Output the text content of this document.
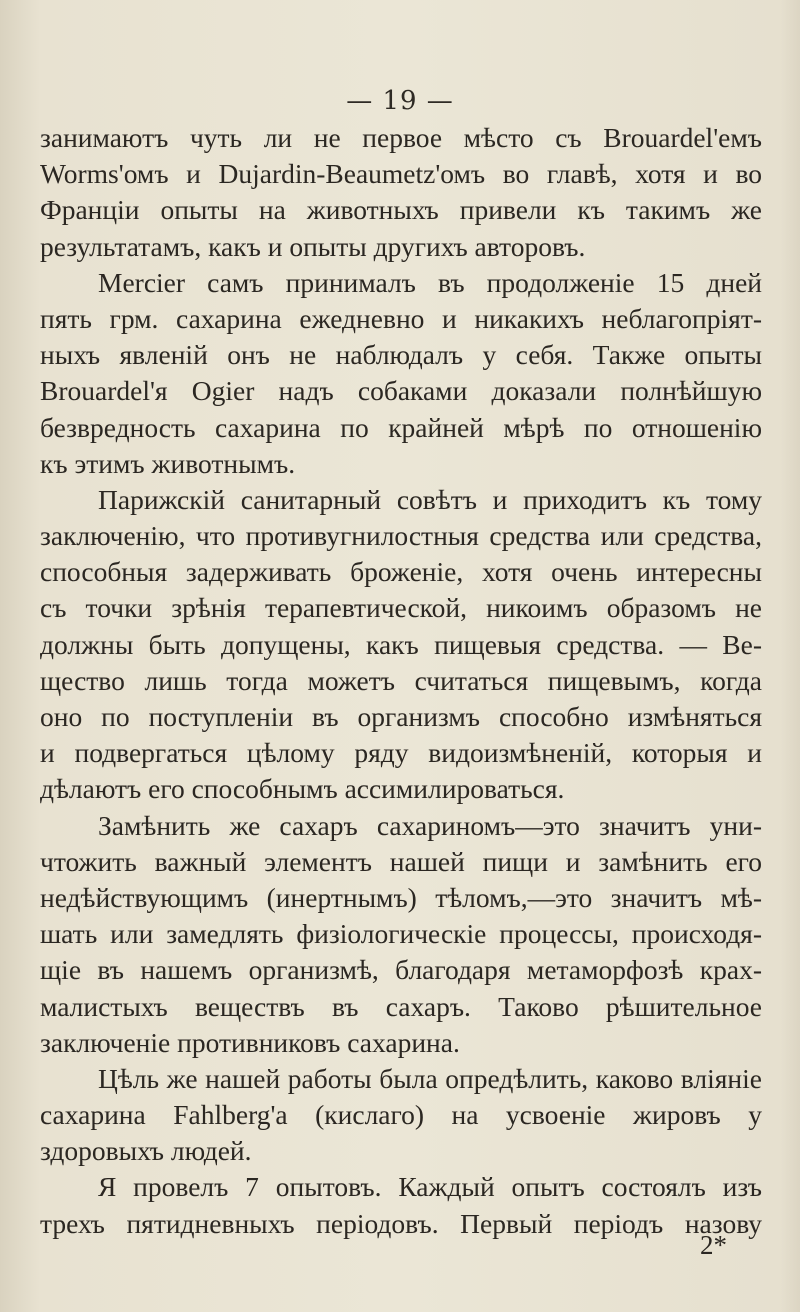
— 19 —
занимаютъ чуть ли не первое мѣсто съ Brouardel'емъ
Worms'омъ и Dujardin-Beaumetz'омъ во главѣ, хотя и во
Франціи опыты на животныхъ привели къ такимъ же
результатамъ, какъ и опыты другихъ авторовъ.
Mercier самъ принималъ въ продолженіе 15 дней
пять грм. сахарина ежедневно и никакихъ неблагопріят-
ныхъ явленій онъ не наблюдалъ у себя. Также опыты
Brouardel'я Ogier надъ собаками доказали полнѣйшую
безвредность сахарина по крайней мѣрѣ по отношенію
къ этимъ животнымъ.
Парижскій санитарный совѣтъ и приходитъ къ тому
заключенію, что противугнилостныя средства или средства,
способныя задерживать броженіе, хотя очень интересны
съ точки зрѣнія терапевтической, никоимъ образомъ не
должны быть допущены, какъ пищевыя средства. — Ве-
щество лишь тогда можетъ считаться пищевымъ, когда
оно по поступленіи въ организмъ способно измѣняться
и подвергаться цѣлому ряду видоизмѣненій, которыя и
дѣлаютъ его способнымъ ассимилироваться.
Замѣнить же сахаръ сахариномъ—это значитъ уни-
чтожить важный элементъ нашей пищи и замѣнить его
недѣйствующимъ (инертнымъ) тѣломъ,—это значитъ мѣ-
шать или замедлять физіологическіе процессы, происходя-
щіе въ нашемъ организмѣ, благодаря метаморфозѣ крах-
малистыхъ веществъ въ сахаръ. Таково рѣшительное
заключеніе противниковъ сахарина.
Цѣль же нашей работы была опредѣлить, каково вліяніе
сахарина Fahlberg'а (кислаго) на усвоеніе жировъ у
здоровыхъ людей.
Я провелъ 7 опытовъ. Каждый опытъ состоялъ изъ
трехъ пятидневныхъ періодовъ. Первый періодъ назову
2*
